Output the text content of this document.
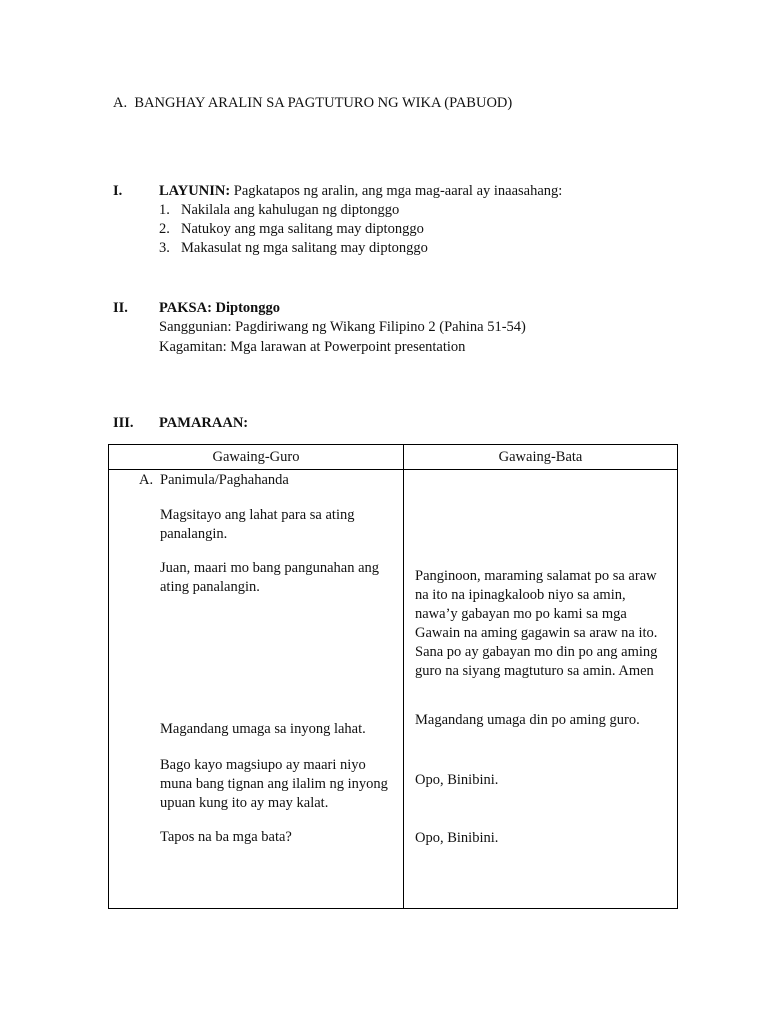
A. BANGHAY ARALIN SA PAGTUTURO NG WIKA (PABUOD)
I.	LAYUNIN: Pagkatapos ng aralin, ang mga mag-aaral ay inaasahang:
1. Nakilala ang kahulugan ng diptonggo
2. Natukoy ang mga salitang may diptonggo
3. Makasulat ng mga salitang may diptonggo
II. PAKSA: Diptonggo
Sanggunian: Pagdiriwang ng Wikang Filipino 2 (Pahina 51-54)
Kagamitan: Mga larawan at Powerpoint presentation
III. PAMARAAN:
Gawaing-Guro	Gawaing-Bata
A. Panimula/Paghahanda
Magsitayo ang lahat para sa ating panalangin.
Juan, maari mo bang pangunahan ang ating panalangin.
Magandang umaga sa inyong lahat.
Bago kayo magsiupo ay maari niyo muna bang tignan ang ilalim ng inyong upuan kung ito ay may kalat.
Tapos na ba mga bata?
Panginoon, maraming salamat po sa araw na ito na ipinagkaloob niyo sa amin, nawa’y gabayan mo po kami sa mga Gawain na aming gagawin sa araw na ito. Sana po ay gabayan mo din po ang aming guro na siyang magtuturo sa amin. Amen
Magandang umaga din po aming guro.
Opo, Binibini.
Opo, Binibini.
